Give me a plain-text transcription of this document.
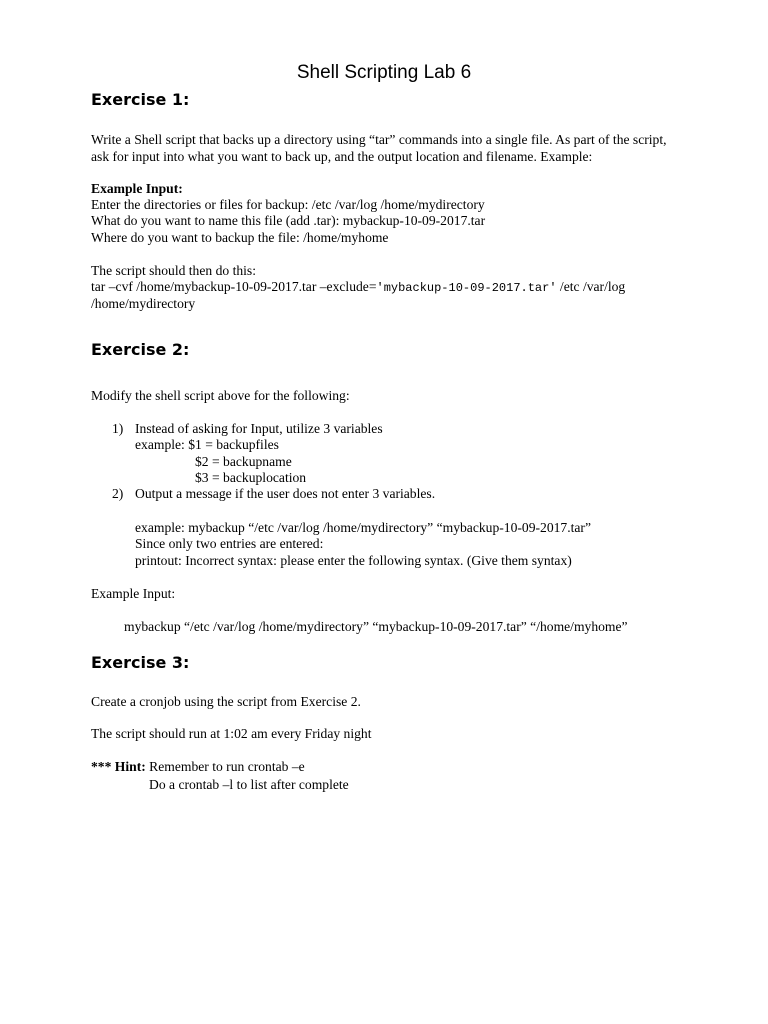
Shell Scripting Lab 6
Exercise 1:
Write a Shell script that backs up a directory using “tar” commands into a single file. As part of the script,
ask for input into what you want to back up, and the output location and filename. Example:
Example Input:
Enter the directories or files for backup: /etc /var/log /home/mydirectory
What do you want to name this file (add .tar): mybackup-10-09-2017.tar
Where do you want to backup the file: /home/myhome
The script should then do this:
tar –cvf /home/mybackup-10-09-2017.tar –exclude='mybackup-10-09-2017.tar' /etc /var/log
/home/mydirectory
Exercise 2:
Modify the shell script above for the following:
1) Instead of asking for Input, utilize 3 variables
example: $1 = backupfiles
$2 = backupname
$3 = backuplocation
2) Output a message if the user does not enter 3 variables.
example: mybackup “/etc /var/log /home/mydirectory” “mybackup-10-09-2017.tar”
Since only two entries are entered:
printout: Incorrect syntax: please enter the following syntax. (Give them syntax)
Example Input:
mybackup “/etc /var/log /home/mydirectory” “mybackup-10-09-2017.tar” “/home/myhome”
Exercise 3:
Create a cronjob using the script from Exercise 2.
The script should run at 1:02 am every Friday night
*** Hint: Remember to run crontab –e
Do a crontab –l to list after complete
